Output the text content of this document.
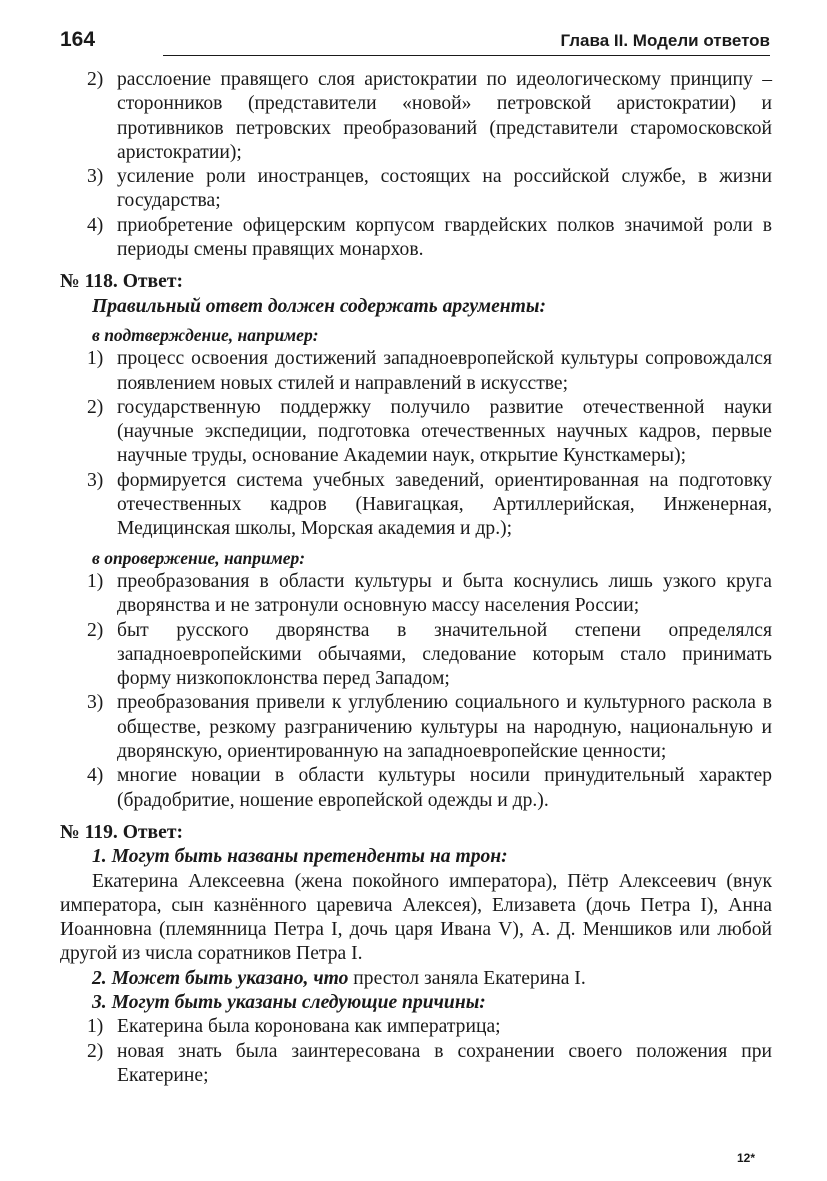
164	Глава II. Модели ответов
2) расслоение правящего слоя аристократии по идеологическому принципу – сторонников (представители «новой» петровской аристократии) и противников петровских преобразований (представители старомосковской аристократии);
3) усиление роли иностранцев, состоящих на российской службе, в жизни государства;
4) приобретение офицерским корпусом гвардейских полков значимой роли в периоды смены правящих монархов.
№ 118. Ответ:
Правильный ответ должен содержать аргументы:
в подтверждение, например:
1) процесс освоения достижений западноевропейской культуры сопровождался появлением новых стилей и направлений в искусстве;
2) государственную поддержку получило развитие отечественной науки (научные экспедиции, подготовка отечественных научных кадров, первые научные труды, основание Академии наук, открытие Кунсткамеры);
3) формируется система учебных заведений, ориентированная на подготовку отечественных кадров (Навигацкая, Артиллерийская, Инженерная, Медицинская школы, Морская академия и др.);
в опровержение, например:
1) преобразования в области культуры и быта коснулись лишь узкого круга дворянства и не затронули основную массу населения России;
2) быт русского дворянства в значительной степени определялся западноевропейскими обычаями, следование которым стало принимать форму низкопоклонства перед Западом;
3) преобразования привели к углублению социального и культурного раскола в обществе, резкому разграничению культуры на народную, национальную и дворянскую, ориентированную на западноевропейские ценности;
4) многие новации в области культуры носили принудительный характер (брадобритие, ношение европейской одежды и др.).
№ 119. Ответ:
1. Могут быть названы претенденты на трон:
Екатерина Алексеевна (жена покойного императора), Пётр Алексеевич (внук императора, сын казнённого царевича Алексея), Елизавета (дочь Петра I), Анна Иоанновна (племянница Петра I, дочь царя Ивана V), А. Д. Меншиков или любой другой из числа соратников Петра I.
2. Может быть указано, что престол заняла Екатерина I.
3. Могут быть указаны следующие причины:
1) Екатерина была коронована как императрица;
2) новая знать была заинтересована в сохранении своего положения при Екатерине;
12*
